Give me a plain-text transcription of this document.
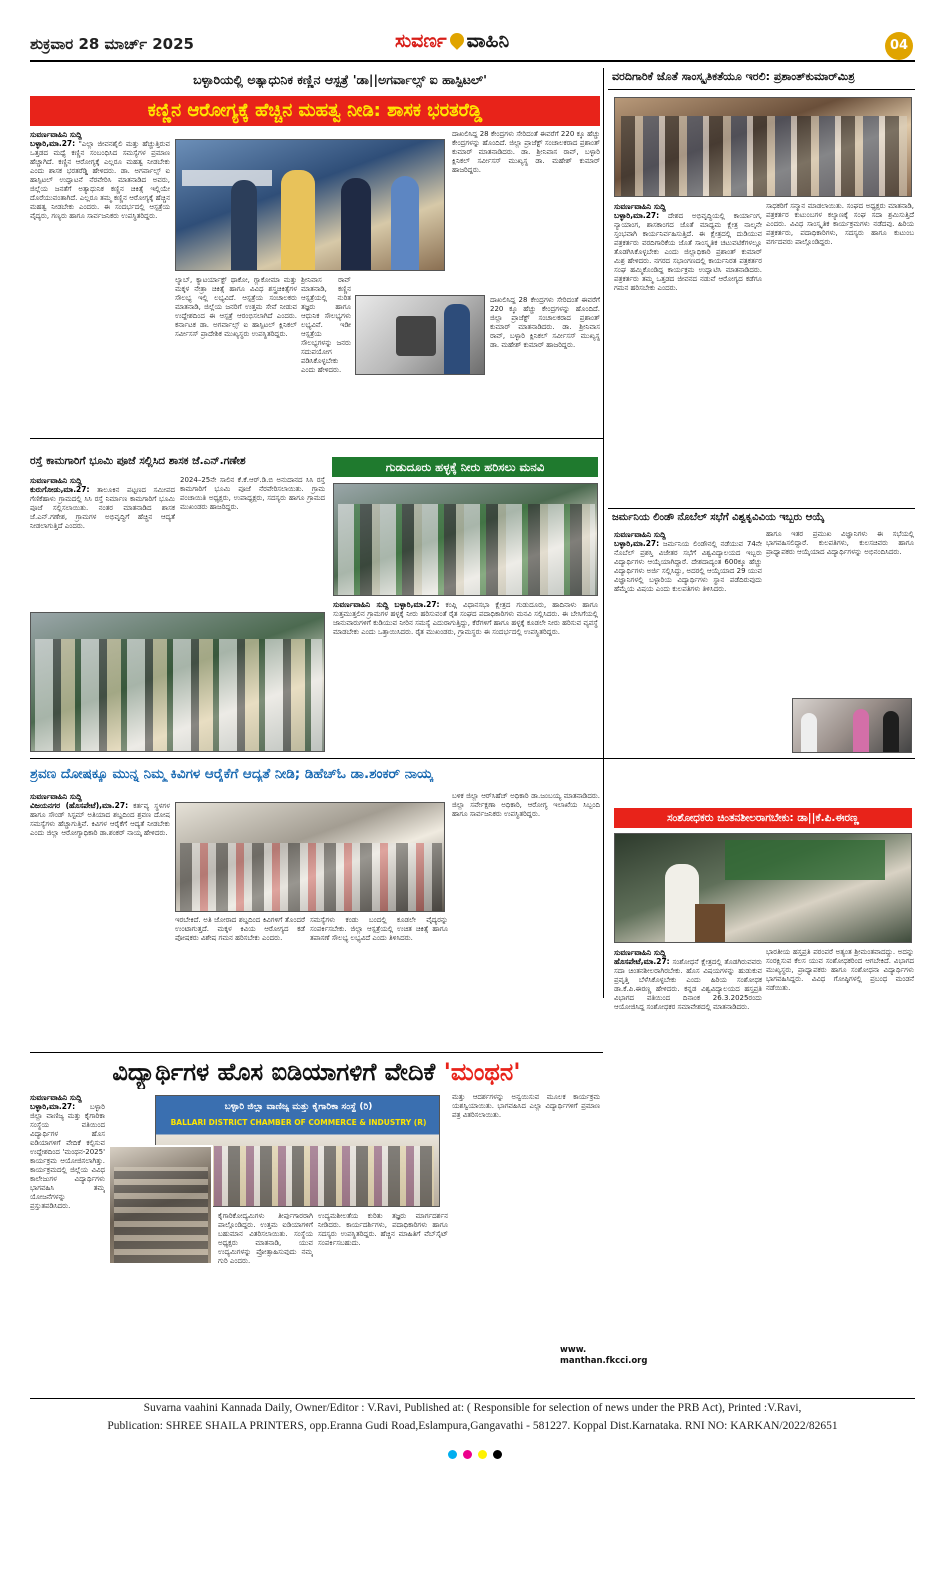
ಶುಕ್ರವಾರ 28 ಮಾರ್ಚ್ 2025	ಸುವರ್ಣ ವಾಹಿನಿ	04
ಬಳ್ಳಾರಿಯಲ್ಲಿ ಅತ್ಯಾಧುನಿಕ ಕಣ್ಣಿನ ಆಸ್ಪತ್ರೆ 'ಡಾ||ಅಗರ್ವಾಲ್ಸ್ ಐ ಹಾಸ್ಪಿಟಲ್'
ಕಣ್ಣಿನ ಆರೋಗ್ಯಕ್ಕೆ ಹೆಚ್ಚಿನ ಮಹತ್ವ ನೀಡಿ: ಶಾಸಕ ಭರತರೆಡ್ಡಿ
ಸುವರ್ಣವಾಹಿನಿ ಸುದ್ದಿ
ಬಳ್ಳಾರಿ,ಮಾ.27: "ಎಲ್ಲಾ ಜೀವನಶೈಲಿ ಮತ್ತು ಹೆಚ್ಚುತ್ತಿರುವ ಒತ್ತಡದ ಮಧ್ಯೆ ಕಣ್ಣಿನ ಸಂಬಂಧಿಸಿದ ಸಮಸ್ಯೆಗಳ ಪ್ರಮಾಣ ಹೆಚ್ಚಾಗಿದೆ. ಕಣ್ಣಿನ ಆರೋಗ್ಯಕ್ಕೆ ಎಲ್ಲರೂ ಮಹತ್ವ ನೀಡಬೇಕು ಎಂದು ಶಾಸಕ ಭರತರೆಡ್ಡಿ ಹೇಳಿದರು. ಡಾ. ಅಗರ್ವಾಲ್ಸ್ ಐ ಹಾಸ್ಪಿಟಲ್ ಉದ್ಘಾಟನೆ ನೆರವೇರಿಸಿ ಮಾತನಾಡಿದ ಅವರು, ಜಿಲ್ಲೆಯ ಜನತೆಗೆ ಅತ್ಯಾಧುನಿಕ ಕಣ್ಣಿನ ಚಿಕಿತ್ಸೆ ಇಲ್ಲಿಯೇ ದೊರೆಯುವಂತಾಗಿದೆ. ಎಲ್ಲರೂ ತಮ್ಮ ಕಣ್ಣಿನ ಆರೋಗ್ಯಕ್ಕೆ ಹೆಚ್ಚಿನ ಮಹತ್ವ ನೀಡಬೇಕು ಎಂದರು. ಈ ಸಂದರ್ಭದಲ್ಲಿ ಆಸ್ಪತ್ರೆಯ ವೈದ್ಯರು, ಗಣ್ಯರು ಹಾಗೂ ಸಾರ್ವಜನಿಕರು ಉಪಸ್ಥಿತರಿದ್ದರು.
ಲ್ಯಾಬ್, ಕ್ಯಾಟರ್ಯಾಕ್ಟ್ ಥಾಕೋ, ಗ್ಲಾಕೋಮಾ ಮತ್ತು ಮಕ್ಕಳ ನೇತ್ರಾ ಚಿಕಿತ್ಸೆ ಹಾಗೂ ವಿವಿಧ ಶಸ್ತ್ರಚಿಕಿತ್ಸೆಗಳ ಸೌಲಭ್ಯ ಇಲ್ಲಿ ಲಭ್ಯವಿದೆ. ಆಸ್ಪತ್ರೆಯ ಸಂಚಾಲಕರು ಮಾತನಾಡಿ, ಜಿಲ್ಲೆಯ ಜನರಿಗೆ ಉತ್ತಮ ಸೇವೆ ನೀಡುವ ಉದ್ದೇಶದಿಂದ ಈ ಆಸ್ಪತ್ರೆ ಆರಂಭಿಸಲಾಗಿದೆ ಎಂದರು. ಕರ್ನಾಟಕ ಡಾ. ಅಗರ್ವಾಲ್ಸ್ ಐ ಹಾಸ್ಪಿಟಲ್ ಕ್ಲಿನಿಕಲ್ ಸರ್ವೀಸಸ್ ಪ್ರಾದೇಶಿಕ ಮುಖ್ಯಸ್ಥರು ಉಪಸ್ಥಿತರಿದ್ದರು.
ಶ್ರೀನಿವಾಸ ರಾವ್ ಮಾತನಾಡಿ, ಕಣ್ಣಿನ ಆಸ್ಪತ್ರೆಯಲ್ಲಿ ನುರಿತ ತಜ್ಞರು ಹಾಗೂ ಆಧುನಿಕ ಸೌಲಭ್ಯಗಳು ಲಭ್ಯವಿವೆ. ಇಡೀ ಆಸ್ಪತ್ರೆಯ ಸೌಲಭ್ಯಗಳನ್ನು ಜನರು ಸದುಪಯೋಗ ಪಡಿಸಿಕೊಳ್ಳಬೇಕು ಎಂದು ಹೇಳಿದರು.
ದಾಖಲಿಸಿದ್ದ 28 ಕೇಂದ್ರಗಳು ಸೇರಿದಂತೆ ಈವರೆಗೆ 220 ಕ್ಕೂ ಹೆಚ್ಚು ಕೇಂದ್ರಗಳನ್ನು ಹೊಂದಿದೆ. ಜಿಲ್ಲಾ ಪ್ರಾಜೆಕ್ಟ್ ಸಂಚಾಲಕರಾದ ಪ್ರಶಾಂತ್ ಕುಮಾರ್ ಮಾತನಾಡಿದರು. ಡಾ. ಶ್ರೀನಿವಾಸ ರಾವ್, ಬಳ್ಳಾರಿ ಕ್ಲಿನಿಕಲ್ ಸರ್ವೀಸಸ್ ಮುಖ್ಯಸ್ಥ ಡಾ. ಮಹೇಶ್ ಕುಮಾರ್ ಹಾಜರಿದ್ದರು.
ದಾಖಲಿಸಿದ್ದ 28 ಕೇಂದ್ರಗಳು ಸೇರಿದಂತೆ ಈವರೆಗೆ 220 ಕ್ಕೂ ಹೆಚ್ಚು ಕೇಂದ್ರಗಳನ್ನು ಹೊಂದಿದೆ. ಜಿಲ್ಲಾ ಪ್ರಾಜೆಕ್ಟ್ ಸಂಚಾಲಕರಾದ ಪ್ರಶಾಂತ್ ಕುಮಾರ್ ಮಾತನಾಡಿದರು. ಡಾ. ಶ್ರೀನಿವಾಸ ರಾವ್, ಬಳ್ಳಾರಿ ಕ್ಲಿನಿಕಲ್ ಸರ್ವೀಸಸ್ ಮುಖ್ಯಸ್ಥ ಡಾ. ಮಹೇಶ್ ಕುಮಾರ್ ಹಾಜರಿದ್ದರು.
ವರದಿಗಾರಿಕೆ ಜೊತೆ ಸಾಂಸ್ಕೃತಿಕತೆಯೂ ಇರಲಿ: ಪ್ರಶಾಂತ್‌ಕುಮಾರ್‌ಮಿಶ್ರ
ಸುವರ್ಣವಾಹಿನಿ ಸುದ್ದಿ
ಬಳ್ಳಾರಿ,ಮಾ.27: ದೇಶದ ಅಭಿವೃದ್ಧಿಯಲ್ಲಿ ಕಾರ್ಯಾಂಗ, ನ್ಯಾಯಾಂಗ, ಶಾಸಕಾಂಗದ ಜೊತೆ ಮಾಧ್ಯಮ ಕ್ಷೇತ್ರ ನಾಲ್ಕನೇ ಸ್ತಂಭವಾಗಿ ಕಾರ್ಯನಿರ್ವಹಿಸುತ್ತಿದೆ. ಈ ಕ್ಷೇತ್ರದಲ್ಲಿ ದುಡಿಯುವ ಪತ್ರಕರ್ತರು ವರದಿಗಾರಿಕೆಯ ಜೊತೆ ಸಾಂಸ್ಕೃತಿಕ ಚಟುವಟಿಕೆಗಳಲ್ಲೂ ತೊಡಗಿಸಿಕೊಳ್ಳಬೇಕು ಎಂದು ಜಿಲ್ಲಾಧಿಕಾರಿ ಪ್ರಶಾಂತ್ ಕುಮಾರ್ ಮಿಶ್ರ ಹೇಳಿದರು. ನಗರದ ಸಭಾಂಗಣದಲ್ಲಿ ಕಾರ್ಯನಿರತ ಪತ್ರಕರ್ತರ ಸಂಘ ಹಮ್ಮಿಕೊಂಡಿದ್ದ ಕಾರ್ಯಕ್ರಮ ಉದ್ಘಾಟಿಸಿ ಮಾತನಾಡಿದರು. ಪತ್ರಕರ್ತರು ತಮ್ಮ ಒತ್ತಡದ ಜೀವನದ ನಡುವೆ ಆರೋಗ್ಯದ ಕಡೆಗೂ ಗಮನ ಹರಿಸಬೇಕು ಎಂದರು.
ಸಾಧಕರಿಗೆ ಸನ್ಮಾನ ಮಾಡಲಾಯಿತು. ಸಂಘದ ಅಧ್ಯಕ್ಷರು ಮಾತನಾಡಿ, ಪತ್ರಕರ್ತರ ಕುಟುಂಬಗಳ ಕಲ್ಯಾಣಕ್ಕೆ ಸಂಘ ಸದಾ ಶ್ರಮಿಸುತ್ತಿದೆ ಎಂದರು. ವಿವಿಧ ಸಾಂಸ್ಕೃತಿಕ ಕಾರ್ಯಕ್ರಮಗಳು ನಡೆದವು. ಹಿರಿಯ ಪತ್ರಕರ್ತರು, ಪದಾಧಿಕಾರಿಗಳು, ಸದಸ್ಯರು ಹಾಗೂ ಕುಟುಂಬ ವರ್ಗದವರು ಪಾಲ್ಗೊಂಡಿದ್ದರು.
ರಸ್ತೆ ಕಾಮಗಾರಿಗೆ ಭೂಮಿ ಪೂಜೆ ಸಲ್ಲಿಸಿದ ಶಾಸಕ ಜೆ.ಎನ್.ಗಣೇಶ
ಸುವರ್ಣವಾಹಿನಿ ಸುದ್ದಿ
ಕುರುಗೋಡು,ಮಾ.27: ತಾಲೂಕಿನ ಪಟ್ಟಣದ ಸಮೀಪದ ಗೆಣಿಕೆಹಾಳು ಗ್ರಾಮದಲ್ಲಿ ಸಿಸಿ ರಸ್ತೆ ನಿರ್ಮಾಣ ಕಾಮಗಾರಿಗೆ ಭೂಮಿ ಪೂಜೆ ಸಲ್ಲಿಸಲಾಯಿತು. ನಂತರ ಮಾತನಾಡಿದ ಶಾಸಕ ಜೆ.ಎನ್.ಗಣೇಶ, ಗ್ರಾಮಗಳ ಅಭಿವೃದ್ಧಿಗೆ ಹೆಚ್ಚಿನ ಆದ್ಯತೆ ನೀಡಲಾಗುತ್ತಿದೆ ಎಂದರು.
2024–25ನೇ ಸಾಲಿನ ಕೆ.ಕೆ.ಆರ್.ಡಿ.ಬಿ ಅನುದಾನದ ಸಿಸಿ ರಸ್ತೆ ಕಾಮಗಾರಿಗೆ ಭೂಮಿ ಪೂಜೆ ನೆರವೇರಿಸಲಾಯಿತು. ಗ್ರಾಮ ಪಂಚಾಯಿತಿ ಅಧ್ಯಕ್ಷರು, ಉಪಾಧ್ಯಕ್ಷರು, ಸದಸ್ಯರು ಹಾಗೂ ಗ್ರಾಮದ ಮುಖಂಡರು ಹಾಜರಿದ್ದರು.
ಗುಡುದೂರು ಹಳ್ಳಕ್ಕೆ ನೀರು ಹರಿಸಲು ಮನವಿ
ಸುವರ್ಣವಾಹಿನಿ ಸುದ್ದಿ ಬಳ್ಳಾರಿ,ಮಾ.27: ಕಂಪ್ಲಿ ವಿಧಾನಸಭಾ ಕ್ಷೇತ್ರದ ಗುಡುದೂರು, ಹಾದಿನಾಳು ಹಾಗೂ ಸುತ್ತಮುತ್ತಲಿನ ಗ್ರಾಮಗಳ ಹಳ್ಳಕ್ಕೆ ನೀರು ಹರಿಸುವಂತೆ ರೈತ ಸಂಘದ ಪದಾಧಿಕಾರಿಗಳು ಮನವಿ ಸಲ್ಲಿಸಿದರು. ಈ ಬೇಸಿಗೆಯಲ್ಲಿ ಜಾನುವಾರುಗಳಿಗೆ ಕುಡಿಯುವ ನೀರಿನ ಸಮಸ್ಯೆ ಎದುರಾಗುತ್ತಿದ್ದು, ಕೆರೆಗಳಿಗೆ ಹಾಗೂ ಹಳ್ಳಕ್ಕೆ ಕೂಡಲೇ ನೀರು ಹರಿಸುವ ವ್ಯವಸ್ಥೆ ಮಾಡಬೇಕು ಎಂದು ಒತ್ತಾಯಿಸಿದರು. ರೈತ ಮುಖಂಡರು, ಗ್ರಾಮಸ್ಥರು ಈ ಸಂದರ್ಭದಲ್ಲಿ ಉಪಸ್ಥಿತರಿದ್ದರು.
ಜರ್ಮನಿಯ ಲಿಂಡೌ ನೊಬೆಲ್ ಸಭೆಗೆ ವಿಶ್ವಕೃವಿವಿಯ ಇಬ್ಬರು ಆಯ್ಕೆ
ಸುವರ್ಣವಾಹಿನಿ ಸುದ್ದಿ
ಬಳ್ಳಾರಿ,ಮಾ.27: ಜರ್ಮನಿಯ ಲಿಂಡೌನಲ್ಲಿ ನಡೆಯುವ 74ನೇ ನೊಬೆಲ್ ಪ್ರಶಸ್ತಿ ವಿಜೇತರ ಸಭೆಗೆ ವಿಶ್ವವಿದ್ಯಾಲಯದ ಇಬ್ಬರು ವಿದ್ಯಾರ್ಥಿಗಳು ಆಯ್ಕೆಯಾಗಿದ್ದಾರೆ. ದೇಶದಾದ್ಯಂತ 600ಕ್ಕೂ ಹೆಚ್ಚು ವಿದ್ಯಾರ್ಥಿಗಳು ಅರ್ಜಿ ಸಲ್ಲಿಸಿದ್ದು, ಅದರಲ್ಲಿ ಆಯ್ಕೆಯಾದ 29 ಯುವ ವಿಜ್ಞಾನಿಗಳಲ್ಲಿ ಬಳ್ಳಾರಿಯ ವಿದ್ಯಾರ್ಥಿಗಳು ಸ್ಥಾನ ಪಡೆದಿರುವುದು ಹೆಮ್ಮೆಯ ವಿಷಯ ಎಂದು ಕುಲಪತಿಗಳು ತಿಳಿಸಿದರು.
ಹಾಗೂ ಇತರ ಪ್ರಮುಖ ವಿಜ್ಞಾನಿಗಳು ಈ ಸಭೆಯಲ್ಲಿ ಭಾಗವಹಿಸಲಿದ್ದಾರೆ. ಕುಲಪತಿಗಳು, ಕುಲಸಚಿವರು ಹಾಗೂ ಪ್ರಾಧ್ಯಾಪಕರು ಆಯ್ಕೆಯಾದ ವಿದ್ಯಾರ್ಥಿಗಳನ್ನು ಅಭಿನಂದಿಸಿದರು.
ಶ್ರವಣ ದೋಷಕ್ಕೂ ಮುನ್ನ ನಿಮ್ಮ ಕಿವಿಗಳ ಆರೈಕೆಗೆ ಆದ್ಯತೆ ನೀಡಿ; ಡಿಹೆಚ್‌ಓ ಡಾ.ಶಂಕರ್ ನಾಯ್ಕ
ಸುವರ್ಣವಾಹಿನಿ ಸುದ್ದಿ
ವಿಜಯನಗರ (ಹೊಸಪೇಟೆ),ಮಾ.27: ಕರ್ತವ್ಯ ಸ್ಥಳಗಳ ಹಾಗೂ ಸೌಂಡ್ ಸಿಸ್ಟಮ್ ಅತಿಯಾದ ಶಬ್ದದಿಂದ ಶ್ರವಣ ದೋಷ ಸಮಸ್ಯೆಗಳು ಹೆಚ್ಚಾಗುತ್ತಿವೆ. ಕಿವಿಗಳ ಆರೈಕೆಗೆ ಆದ್ಯತೆ ನೀಡಬೇಕು ಎಂದು ಜಿಲ್ಲಾ ಆರೋಗ್ಯಾಧಿಕಾರಿ ಡಾ.ಶಂಕರ್ ನಾಯ್ಕ ಹೇಳಿದರು.
ಇರಬೇಕಿದೆ. ಅತಿ ಜೋರಾದ ಶಬ್ದದಿಂದ ಕಿವಿಗಳಿಗೆ ತೊಂದರೆ ಉಂಟಾಗುತ್ತದೆ. ಮಕ್ಕಳ ಕಿವಿಯ ಆರೋಗ್ಯದ ಕಡೆ ಪೋಷಕರು ವಿಶೇಷ ಗಮನ ಹರಿಸಬೇಕು ಎಂದರು.
ಸಮಸ್ಯೆಗಳು ಕಂಡು ಬಂದಲ್ಲಿ ಕೂಡಲೇ ವೈದ್ಯರನ್ನು ಸಂಪರ್ಕಿಸಬೇಕು. ಜಿಲ್ಲಾ ಆಸ್ಪತ್ರೆಯಲ್ಲಿ ಉಚಿತ ಚಿಕಿತ್ಸೆ ಹಾಗೂ ತಪಾಸಣೆ ಸೌಲಭ್ಯ ಲಭ್ಯವಿದೆ ಎಂದು ತಿಳಿಸಿದರು.
ಬಳಿಕ ಜಿಲ್ಲಾ ಆರ್‌ಸಿಹೆಚ್ ಅಧಿಕಾರಿ ಡಾ.ಜಂಬಯ್ಯ ಮಾತನಾಡಿದರು. ಜಿಲ್ಲಾ ಸರ್ವೇಕ್ಷಣಾ ಅಧಿಕಾರಿ, ಆರೋಗ್ಯ ಇಲಾಖೆಯ ಸಿಬ್ಬಂದಿ ಹಾಗೂ ಸಾರ್ವಜನಿಕರು ಉಪಸ್ಥಿತರಿದ್ದರು.	ಸಂಶೋಧಕರು ಚಿಂತನಶೀಲರಾಗಬೇಕು: ಡಾ||ಕೆ.ಪಿ.ಈರಣ್ಣ
ಸುವರ್ಣವಾಹಿನಿ ಸುದ್ದಿ
ಹೊಸಪೇಟೆ,ಮಾ.27: ಸಂಶೋಧನೆ ಕ್ಷೇತ್ರದಲ್ಲಿ ತೊಡಗಿರುವವರು ಸದಾ ಚಿಂತನಶೀಲರಾಗಿರಬೇಕು. ಹೊಸ ವಿಷಯಗಳನ್ನು ಹುಡುಕುವ ಪ್ರವೃತ್ತಿ ಬೆಳೆಸಿಕೊಳ್ಳಬೇಕು ಎಂದು ಹಿರಿಯ ಸಂಶೋಧಕ ಡಾ.ಕೆ.ಪಿ.ಈರಣ್ಣ ಹೇಳಿದರು. ಕನ್ನಡ ವಿಶ್ವವಿದ್ಯಾಲಯದ ಹಸ್ತಪ್ರತಿ ವಿಭಾಗದ ವತಿಯಿಂದ ದಿನಾಂಕ 26.3.2025ರಂದು ಆಯೋಜಿಸಿದ್ದ ಸಂಶೋಧಕರ ಸಮಾವೇಶದಲ್ಲಿ ಮಾತನಾಡಿದರು.
ಭಾರತೀಯ ಹಸ್ತಪ್ರತಿ ಪರಂಪರೆ ಅತ್ಯಂತ ಶ್ರೀಮಂತವಾದದ್ದು. ಅದನ್ನು ಸಂರಕ್ಷಿಸುವ ಕೆಲಸ ಯುವ ಸಂಶೋಧಕರಿಂದ ಆಗಬೇಕಿದೆ. ವಿಭಾಗದ ಮುಖ್ಯಸ್ಥರು, ಪ್ರಾಧ್ಯಾಪಕರು ಹಾಗೂ ಸಂಶೋಧನಾ ವಿದ್ಯಾರ್ಥಿಗಳು ಭಾಗವಹಿಸಿದ್ದರು. ವಿವಿಧ ಗೋಷ್ಠಿಗಳಲ್ಲಿ ಪ್ರಬಂಧ ಮಂಡನೆ ನಡೆಯಿತು.
ವಿದ್ಯಾರ್ಥಿಗಳ ಹೊಸ ಐಡಿಯಾಗಳಿಗೆ ವೇದಿಕೆ 'ಮಂಥನ'
ಸುವರ್ಣವಾಹಿನಿ ಸುದ್ದಿ
ಬಳ್ಳಾರಿ,ಮಾ.27: ಬಳ್ಳಾರಿ ಜಿಲ್ಲಾ ವಾಣಿಜ್ಯ ಮತ್ತು ಕೈಗಾರಿಕಾ ಸಂಸ್ಥೆಯ ವತಿಯಿಂದ ವಿದ್ಯಾರ್ಥಿಗಳ ಹೊಸ ಐಡಿಯಾಗಳಿಗೆ ವೇದಿಕೆ ಕಲ್ಪಿಸುವ ಉದ್ದೇಶದಿಂದ 'ಮಂಥನ-2025' ಕಾರ್ಯಕ್ರಮ ಆಯೋಜಿಸಲಾಗಿತ್ತು. ಕಾರ್ಯಕ್ರಮದಲ್ಲಿ ಜಿಲ್ಲೆಯ ವಿವಿಧ ಕಾಲೇಜುಗಳ ವಿದ್ಯಾರ್ಥಿಗಳು ಭಾಗವಹಿಸಿ ತಮ್ಮ ಯೋಜನೆಗಳನ್ನು ಪ್ರಸ್ತುತಪಡಿಸಿದರು.
ಬಳ್ಳಾರಿ ಜಿಲ್ಲಾ ವಾಣಿಜ್ಯ ಮತ್ತು ಕೈಗಾರಿಕಾ ಸಂಸ್ಥೆ (ರಿ)
BALLARI DISTRICT CHAMBER OF COMMERCE & INDUSTRY (R)
ಕೈಗಾರಿಕೋದ್ಯಮಿಗಳು ತೀರ್ಪುಗಾರರಾಗಿ ಪಾಲ್ಗೊಂಡಿದ್ದರು. ಉತ್ತಮ ಐಡಿಯಾಗಳಿಗೆ ಬಹುಮಾನ ವಿತರಿಸಲಾಯಿತು. ಸಂಸ್ಥೆಯ ಅಧ್ಯಕ್ಷರು ಮಾತನಾಡಿ, ಯುವ ಉದ್ಯಮಿಗಳನ್ನು ಪ್ರೋತ್ಸಾಹಿಸುವುದು ನಮ್ಮ ಗುರಿ ಎಂದರು.
ಉದ್ಯಮಶೀಲತೆಯ ಕುರಿತು ತಜ್ಞರು ಮಾರ್ಗದರ್ಶನ ನೀಡಿದರು. ಕಾರ್ಯದರ್ಶಿಗಳು, ಪದಾಧಿಕಾರಿಗಳು ಹಾಗೂ ಸದಸ್ಯರು ಉಪಸ್ಥಿತರಿದ್ದರು. ಹೆಚ್ಚಿನ ಮಾಹಿತಿಗೆ ವೆಬ್‌ಸೈಟ್ ಸಂಪರ್ಕಿಸಬಹುದು.
ಮತ್ತು ಆದರ್ಶಗಳನ್ನು ಅನ್ವಯಿಸುವ ಮೂಲಕ ಕಾರ್ಯಕ್ರಮ ಯಶಸ್ವಿಯಾಯಿತು. ಭಾಗವಹಿಸಿದ ಎಲ್ಲಾ ವಿದ್ಯಾರ್ಥಿಗಳಿಗೆ ಪ್ರಮಾಣ ಪತ್ರ ವಿತರಿಸಲಾಯಿತು.
www. manthan.fkcci.org
Suvarna vaahini Kannada Daily, Owner/Editor : V.Ravi, Published at: ( Responsible for selection of news under the PRB Act), Printed :V.Ravi,
Publication: SHREE SHAILA PRINTERS, opp.Eranna Gudi Road,Eslampura,Gangavathi - 581227. Koppal Dist.Karnataka. RNI NO: KARKAN/2022/82651
